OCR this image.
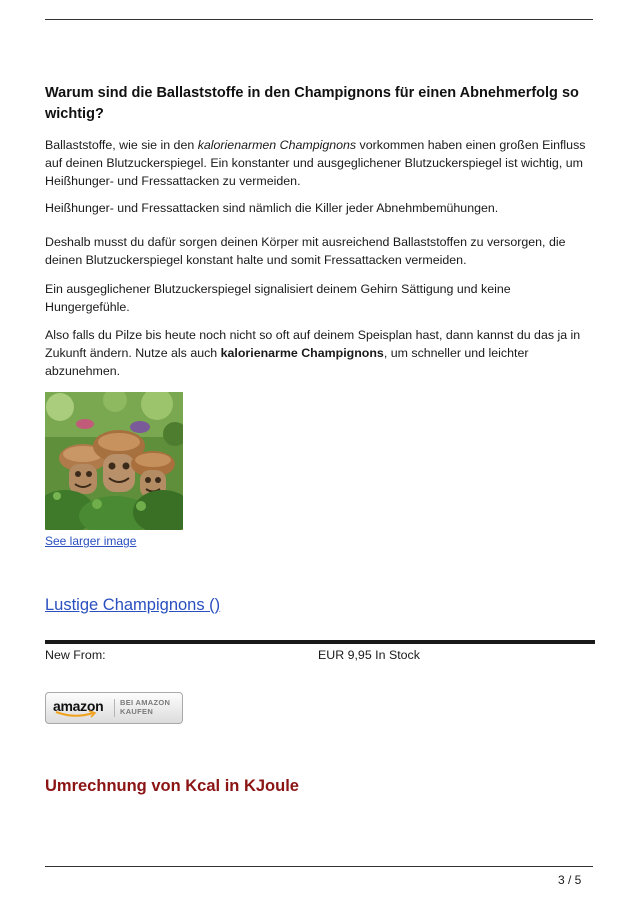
Warum sind die Ballaststoffe in den Champignons für einen Abnehmerfolg so wichtig?

Ballaststoffe, wie sie in den kalorienarmen Champignons vorkommen haben einen großen Einfluss auf deinen Blutzuckerspiegel. Ein konstanter und ausgeglichener Blutzuckerspiegel ist wichtig, um Heißhunger- und Fressattacken zu vermeiden.

Heißhunger- und Fressattacken sind nämlich die Killer jeder Abnehmbemühungen.

Deshalb musst du dafür sorgen deinen Körper mit ausreichend Ballaststoffen zu versorgen, die deinen Blutzuckerspiegel konstant halte und somit Fressattacken vermeiden.

Ein ausgeglichener Blutzuckerspiegel signalisiert deinem Gehirn Sättigung und keine Hungergefühle.

Also falls du Pilze bis heute noch nicht so oft auf deinem Speisplan hast, dann kannst du das ja in Zukunft ändern. Nutze als auch kalorienarme Champignons, um schneller und leichter abzunehmen.

See larger image
Lustige Champignons ()
New From:	EUR 9,95 In Stock
amazon BEI AMAZON
KAUFEN
Umrechnung von Kcal in KJoule
3 / 5
